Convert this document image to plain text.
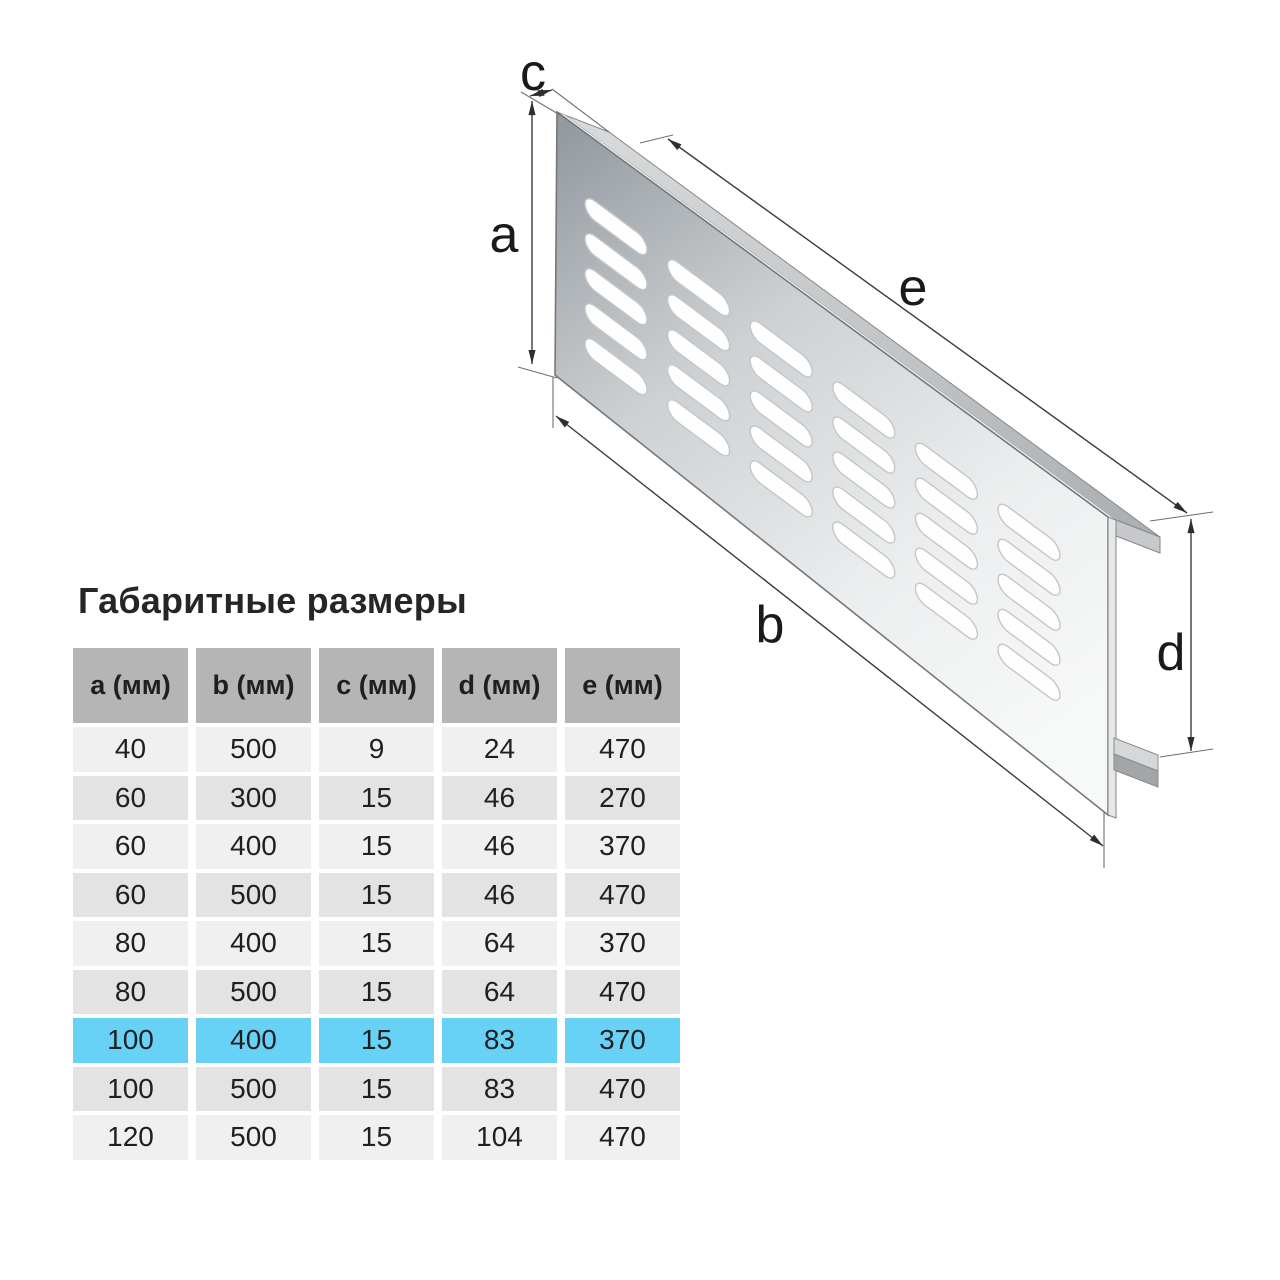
c
a
e
b	d
Габаритные размеры
a (мм)	b (мм)	c (мм)	d (мм)	e (мм)
40	500	9	24	470
60	300	15	46	270
60	400	15	46	370
60	500	15	46	470
80	400	15	64	370
80	500	15	64	470
100	400	15	83	370
100	500	15	83	470
120	500	15	104	470
